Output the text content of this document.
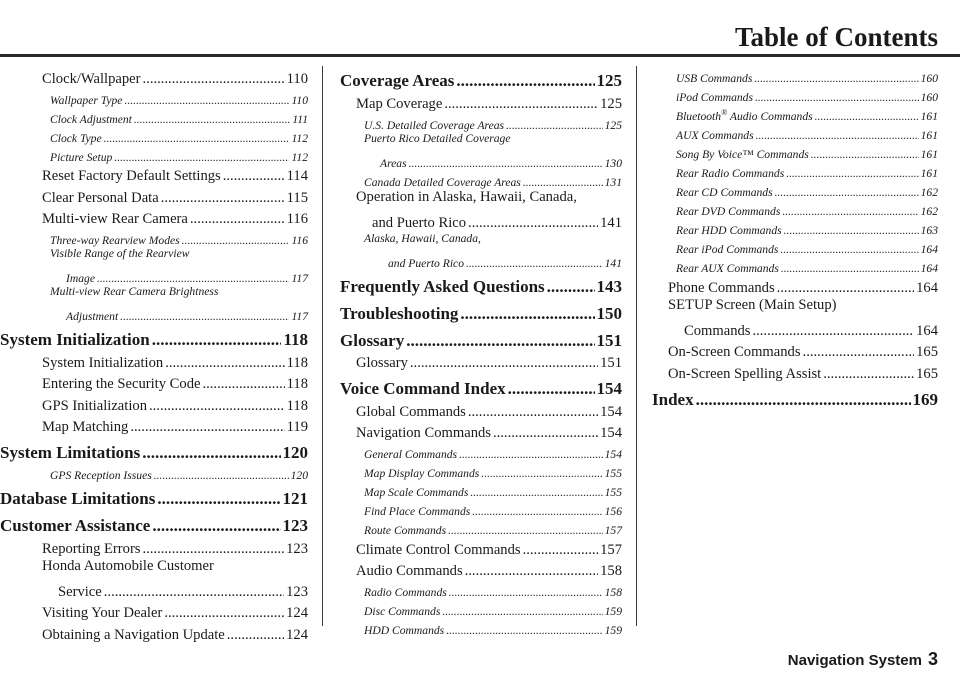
Table of Contents
Clock/Wallpaper .....	110
Wallpaper Type .....	110
Clock Adjustment .....	111
Clock Type .....	112
Picture Setup .....	112
Reset Factory Default Settings .....	114
Clear Personal Data .....	115
Multi-view Rear Camera .....	116
Three-way Rearview Modes .....	116
Visible Range of the Rearview
Image .....	117
Multi-view Rear Camera Brightness
Adjustment .....	117
System Initialization .....	118
System Initialization .....	118
Entering the Security Code .....	118
GPS Initialization .....	118
Map Matching .....	119
System Limitations .....	120
GPS Reception Issues .....	120
Database Limitations .....	121
Customer Assistance .....	123
Reporting Errors .....	123
Honda Automobile Customer
Service .....	123
Visiting Your Dealer .....	124
Obtaining a Navigation Update .....	124
Coverage Areas .....	125
Map Coverage .....	125
U.S. Detailed Coverage Areas .....	125
Puerto Rico Detailed Coverage
Areas .....	130
Canada Detailed Coverage Areas .....	131
Operation in Alaska, Hawaii, Canada,
and Puerto Rico .....	141
Alaska, Hawaii, Canada,
and Puerto Rico .....	141
Frequently Asked Questions .....	143
Troubleshooting .....	150
Glossary .....	151
Glossary .....	151
Voice Command Index .....	154
Global Commands .....	154
Navigation Commands .....	154
General Commands .....	154
Map Display Commands .....	155
Map Scale Commands .....	155
Find Place Commands .....	156
Route Commands .....	157
Climate Control Commands .....	157
Audio Commands .....	158
Radio Commands .....	158
Disc Commands .....	159
HDD Commands .....	159
USB Commands .....	160
iPod Commands .....	160
Bluetooth® Audio Commands .....	161
AUX Commands .....	161
Song By Voice™ Commands .....	161
Rear Radio Commands .....	161
Rear CD Commands .....	162
Rear DVD Commands .....	162
Rear HDD Commands .....	163
Rear iPod Commands .....	164
Rear AUX Commands .....	164
Phone Commands .....	164
SETUP Screen (Main Setup)
Commands .....	164
On-Screen Commands .....	165
On-Screen Spelling Assist .....	165
Index .....	169
Navigation System 3
